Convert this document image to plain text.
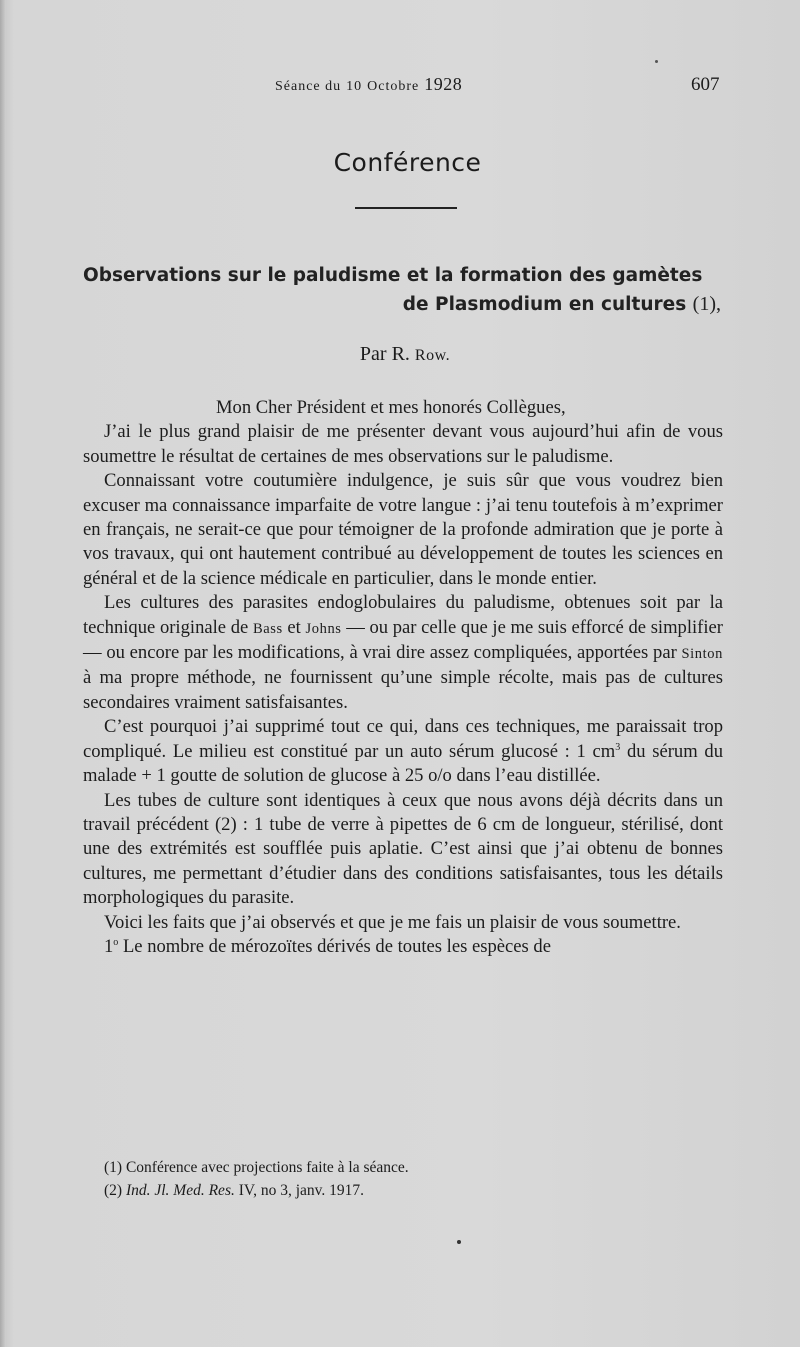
Séance du 10 Octobre 1928	607
Conférence
Observations sur le paludisme et la formation des gamètes
de Plasmodium en cultures (1),
Par R. Row.

Mon Cher Président et mes honorés Collègues,

J’ai le plus grand plaisir de me présenter devant vous aujourd’hui afin de vous soumettre le résultat de certaines de mes observations sur le paludisme.

Connaissant votre coutumière indulgence, je suis sûr que vous voudrez bien excuser ma connaissance imparfaite de votre langue : j’ai tenu toutefois à m’exprimer en français, ne serait-ce que pour témoigner de la profonde admiration que je porte à vos travaux, qui ont hautement contribué au développement de toutes les sciences en général et de la science médicale en particulier, dans le monde entier.

Les cultures des parasites endoglobulaires du paludisme, obtenues soit par la technique originale de Bass et Johns — ou par celle que je me suis efforcé de simplifier — ou encore par les modifications, à vrai dire assez compliquées, apportées par Sinton à ma propre méthode, ne fournissent qu’une simple récolte, mais pas de cultures secondaires vraiment satisfaisantes.

C’est pourquoi j’ai supprimé tout ce qui, dans ces techniques, me paraissait trop compliqué. Le milieu est constitué par un auto sérum glucosé : 1 $cm^3$ du sérum du malade + 1 goutte de solution de glucose à 25 o/o dans l’eau distillée.

Les tubes de culture sont identiques à ceux que nous avons déjà décrits dans un travail précédent (2) : 1 tube de verre à pipettes de 6 cm de longueur, stérilisé, dont une des extrémités est soufflée puis aplatie. C’est ainsi que j’ai obtenu de bonnes cultures, me permettant d’étudier dans des conditions satisfaisantes, tous les détails morphologiques du parasite.

Voici les faits que j’ai observés et que je me fais un plaisir de vous soumettre.

1$^o$ Le nombre de mérozoïtes dérivés de toutes les espèces de

(1) Conférence avec projections faite à la séance.
(2) Ind. Jl. Med. Res. IV, no 3, janv. 1917.
